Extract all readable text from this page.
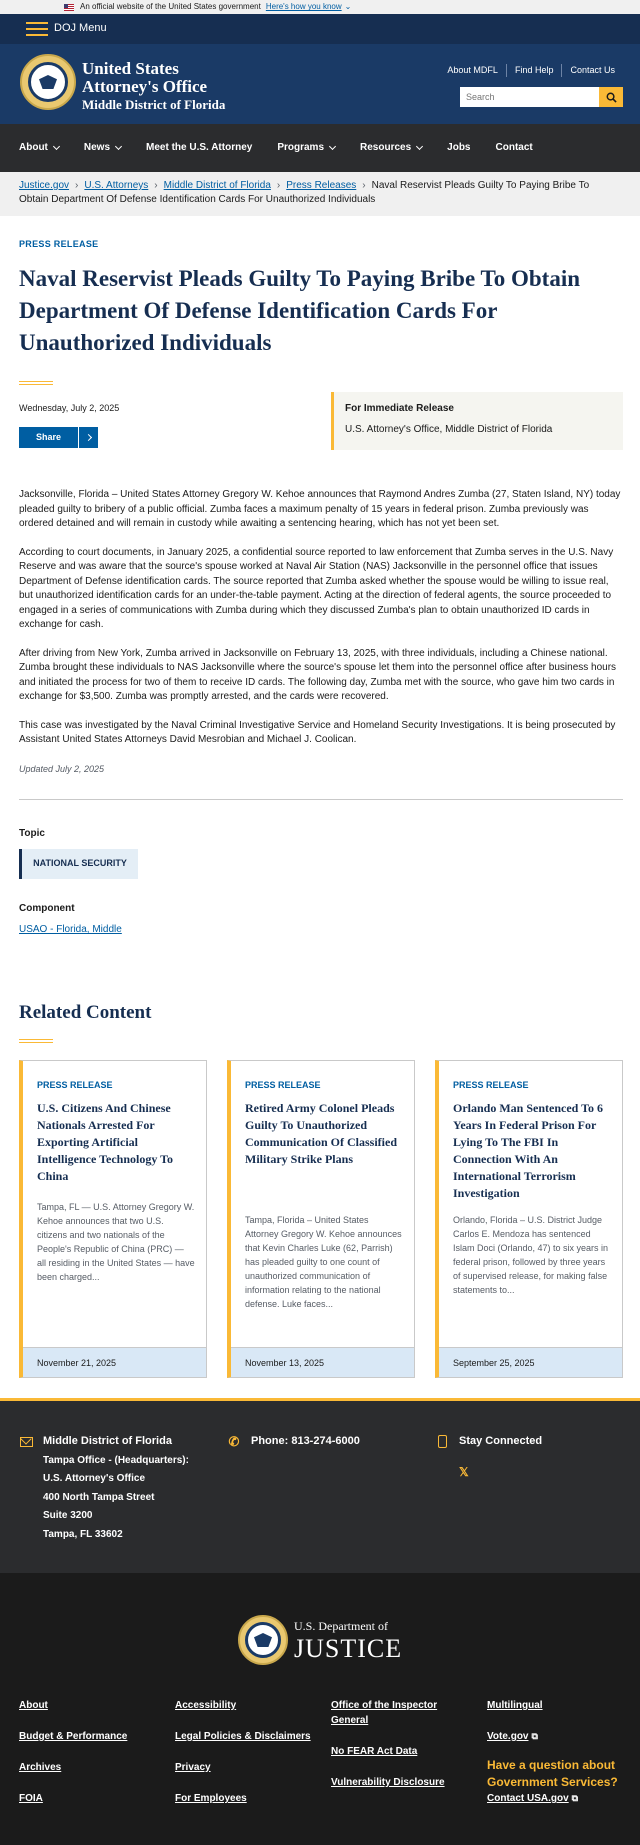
An official website of the United States government Here's how you know ⌄
DOJ Menu
United States
Attorney's Office
Middle District of Florida
About MDFL	Find Help	Contact Us
Search
About	News	Meet the U.S. Attorney	Programs	Resources	Jobs	Contact
Justice.gov › U.S. Attorneys › Middle District of Florida › Press Releases › Naval Reservist Pleads Guilty To Paying Bribe To Obtain Department Of Defense Identification Cards For Unauthorized Individuals
PRESS RELEASE
Naval Reservist Pleads Guilty To Paying Bribe To Obtain Department Of Defense Identification Cards For Unauthorized Individuals
Wednesday, July 2, 2025
Share
For Immediate Release
U.S. Attorney's Office, Middle District of Florida

Jacksonville, Florida – United States Attorney Gregory W. Kehoe announces that Raymond Andres Zumba (27, Staten Island, NY) today pleaded guilty to bribery of a public official. Zumba faces a maximum penalty of 15 years in federal prison. Zumba previously was ordered detained and will remain in custody while awaiting a sentencing hearing, which has not yet been set.

According to court documents, in January 2025, a confidential source reported to law enforcement that Zumba serves in the U.S. Navy Reserve and was aware that the source's spouse worked at Naval Air Station (NAS) Jacksonville in the personnel office that issues Department of Defense identification cards. The source reported that Zumba asked whether the spouse would be willing to issue real, but unauthorized identification cards for an under-the-table payment. Acting at the direction of federal agents, the source proceeded to engaged in a series of communications with Zumba during which they discussed Zumba's plan to obtain unauthorized ID cards in exchange for cash.

After driving from New York, Zumba arrived in Jacksonville on February 13, 2025, with three individuals, including a Chinese national. Zumba brought these individuals to NAS Jacksonville where the source's spouse let them into the personnel office after business hours and initiated the process for two of them to receive ID cards. The following day, Zumba met with the source, who gave him two cards in exchange for $3,500. Zumba was promptly arrested, and the cards were recovered.

This case was investigated by the Naval Criminal Investigative Service and Homeland Security Investigations. It is being prosecuted by Assistant United States Attorneys David Mesrobian and Michael J. Coolican.

Updated July 2, 2025
Topic
NATIONAL SECURITY
Component
USAO - Florida, Middle
Related Content
PRESS RELEASE
U.S. Citizens And Chinese Nationals Arrested For Exporting Artificial Intelligence Technology To China
Tampa, FL — U.S. Attorney Gregory W. Kehoe announces that two U.S. citizens and two nationals of the People's Republic of China (PRC) — all residing in the United States — have been charged...
November 21, 2025
PRESS RELEASE
Retired Army Colonel Pleads Guilty To Unauthorized Communication Of Classified Military Strike Plans
Tampa, Florida – United States Attorney Gregory W. Kehoe announces that Kevin Charles Luke (62, Parrish) has pleaded guilty to one count of unauthorized communication of information relating to the national defense. Luke faces...
November 13, 2025
PRESS RELEASE
Orlando Man Sentenced To 6 Years In Federal Prison For Lying To The FBI In Connection With An International Terrorism Investigation
Orlando, Florida – U.S. District Judge Carlos E. Mendoza has sentenced Islam Doci (Orlando, 47) to six years in federal prison, followed by three years of supervised release, for making false statements to...
September 25, 2025
Middle District of Florida
Tampa Office - (Headquarters):
U.S. Attorney's Office
400 North Tampa Street
Suite 3200
Tampa, FL 33602
✆ Phone: 813-274-6000	Stay Connected
𝕏
U.S. Department of
JUSTICE
About
Budget & Performance
Archives
FOIA
Accessibility
Legal Policies & Disclaimers
Privacy
For Employees
Office of the Inspector General
No FEAR Act Data
Vulnerability Disclosure
Multilingual
Vote.gov ⧉
Have a question about Government Services?
Contact USA.gov ⧉
